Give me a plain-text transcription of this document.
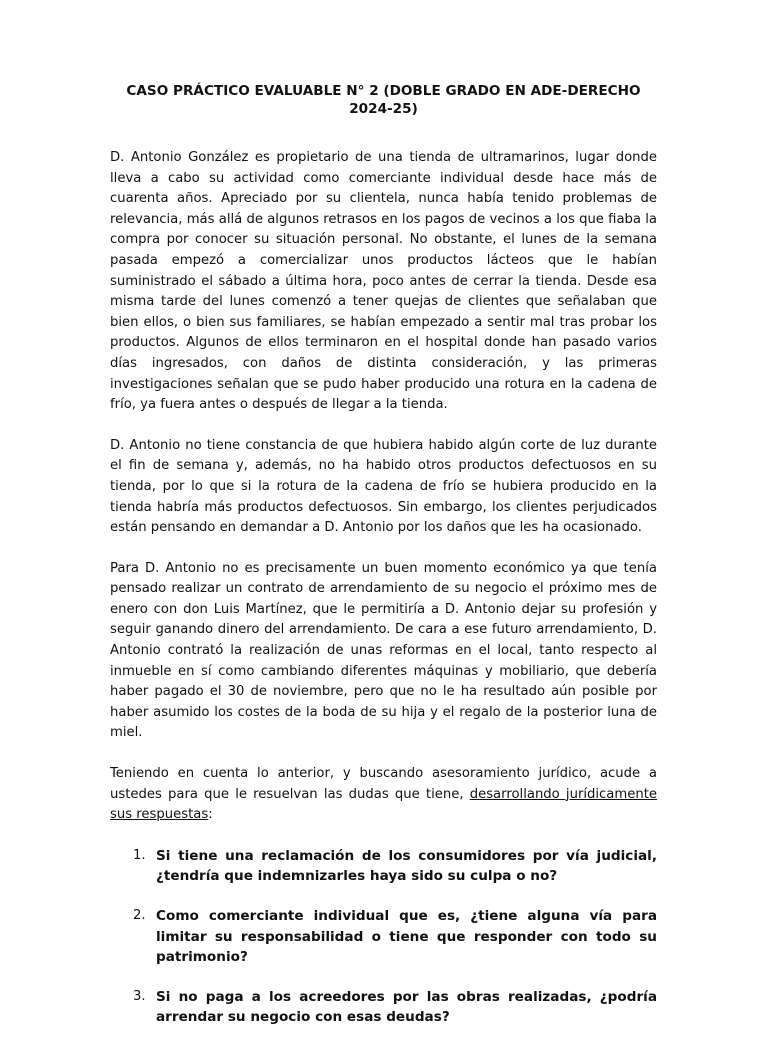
CASO PRÁCTICO EVALUABLE N° 2 (DOBLE GRADO EN ADE-DERECHO 2024-25)

D. Antonio González es propietario de una tienda de ultramarinos, lugar donde lleva a cabo su actividad como comerciante individual desde hace más de cuarenta años. Apreciado por su clientela, nunca había tenido problemas de relevancia, más allá de algunos retrasos en los pagos de vecinos a los que fiaba la compra por conocer su situación personal. No obstante, el lunes de la semana pasada empezó a comercializar unos productos lácteos que le habían suministrado el sábado a última hora, poco antes de cerrar la tienda. Desde esa misma tarde del lunes comenzó a tener quejas de clientes que señalaban que bien ellos, o bien sus familiares, se habían empezado a sentir mal tras probar los productos. Algunos de ellos terminaron en el hospital donde han pasado varios días ingresados, con daños de distinta consideración, y las primeras investigaciones señalan que se pudo haber producido una rotura en la cadena de frío, ya fuera antes o después de llegar a la tienda.

D. Antonio no tiene constancia de que hubiera habido algún corte de luz durante el fin de semana y, además, no ha habido otros productos defectuosos en su tienda, por lo que si la rotura de la cadena de frío se hubiera producido en la tienda habría más productos defectuosos. Sin embargo, los clientes perjudicados están pensando en demandar a D. Antonio por los daños que les ha ocasionado.

Para D. Antonio no es precisamente un buen momento económico ya que tenía pensado realizar un contrato de arrendamiento de su negocio el próximo mes de enero con don Luis Martínez, que le permitiría a D. Antonio dejar su profesión y seguir ganando dinero del arrendamiento. De cara a ese futuro arrendamiento, D. Antonio contrató la realización de unas reformas en el local, tanto respecto al inmueble en sí como cambiando diferentes máquinas y mobiliario, que debería haber pagado el 30 de noviembre, pero que no le ha resultado aún posible por haber asumido los costes de la boda de su hija y el regalo de la posterior luna de miel.

Teniendo en cuenta lo anterior, y buscando asesoramiento jurídico, acude a ustedes para que le resuelvan las dudas que tiene, desarrollando jurídicamente sus respuestas:

1. Si tiene una reclamación de los consumidores por vía judicial, ¿tendría que indemnizarles haya sido su culpa o no?
2. Como comerciante individual que es, ¿tiene alguna vía para limitar su responsabilidad o tiene que responder con todo su patrimonio?
3. Si no paga a los acreedores por las obras realizadas, ¿podría arrendar su negocio con esas deudas?
